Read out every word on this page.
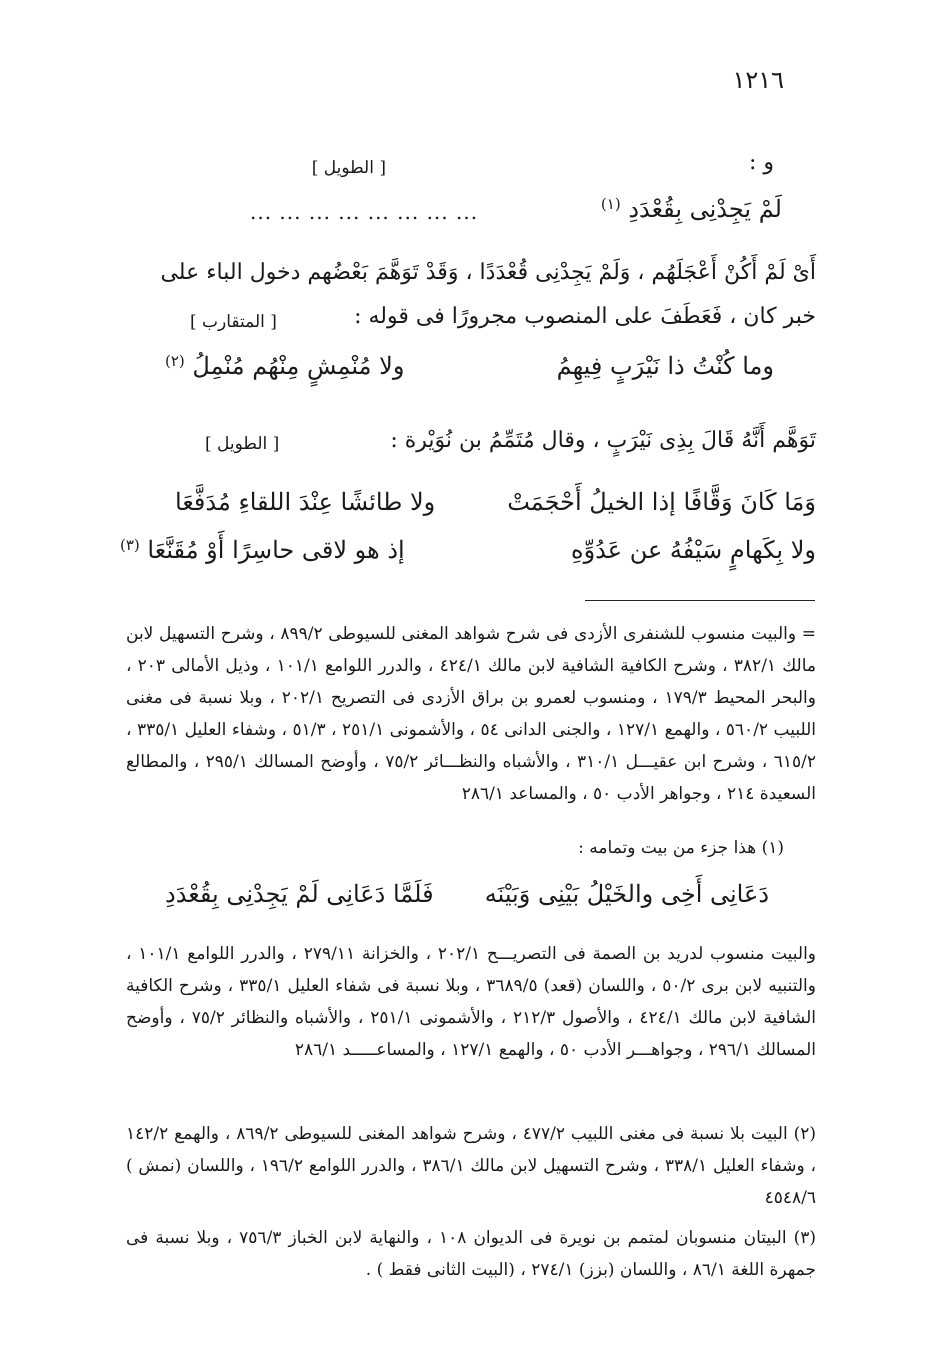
١٢١٦
و :
[ الطويل ]
لَمْ يَجِدْنِى بِقُعْدَدِ $^{(١)}$
... ... ... ... ... ... ... ...
أَىْ لَمْ أَكُنْ أَعْجَلَهُم ، وَلَمْ يَجِدْنِى قُعْدَدًا ، وَقَدْ تَوَهَّمَ بَعْضُهم دخول الباء على
خبر كان ، فَعَطَفَ على المنصوب مجرورًا فى قوله :
[ المتقارب ]
وما كُنْتُ ذا نَيْرَبٍ فِيهِمُ
ولا مُنْمِشٍ مِنْهُم مُنْمِلُ $^{(٢)}$
تَوَهَّم أَنَّهُ قَالَ بِذِى نَيْرَبٍ ، وقال مُتَمِّمُ بن نُوَيْرة :
[ الطويل ]
وَمَا كَانَ وَقَّافًا إذا الخيلُ أَحْجَمَتْ
ولا طائشًا عِنْدَ اللقاءِ مُدَفَّعَا
ولا بِكَهامٍ سَيْفُهُ عن عَدُوِّهِ
إذ هو لاقى حاسِرًا أَوْ مُقَنَّعَا $^{(٣)}$
= والبيت منسوب للشنفرى الأزدى فى شرح شواهد المغنى للسيوطى ٨٩٩/٢ ، وشرح التسهيل لابن مالك ٣٨٢/١ ، وشرح الكافية الشافية لابن مالك ٤٢٤/١ ، والدرر اللوامع ١٠١/١ ، وذيل الأمالى ٢٠٣ ، والبحر المحيط ١٧٩/٣ ، ومنسوب لعمرو بن براق الأزدى فى التصريح ٢٠٢/١ ، وبلا نسبة فى مغنى اللبيب ٥٦٠/٢ ، والهمع ١٢٧/١ ، والجنى الدانى ٥٤ ، والأشمونى ٢٥١/١ ، ٥١/٣ ، وشفاء العليل ٣٣٥/١ ، ٦١٥/٢ ، وشرح ابن عقيـــل ٣١٠/١ ، والأشباه والنظـــائر ٧٥/٢ ، وأوضح المسالك ٢٩٥/١ ، والمطالع السعيدة ٢١٤ ، وجواهر الأدب ٥٠ ، والمساعد ٢٨٦/١
(١) هذا جزء من بيت وتمامه :
دَعَانِى أَخِى والخَيْلُ بَيْنِى وَبَيْنَه
فَلَمَّا دَعَانِى لَمْ يَجِدْنِى بِقُعْدَدِ
والبيت منسوب لدريد بن الصمة فى التصريـــح ٢٠٢/١ ، والخزانة ٢٧٩/١١ ، والدرر اللوامع ١٠١/١ ، والتنبيه لابن برى ٥٠/٢ ، واللسان (قعد) ٣٦٨٩/٥ ، وبلا نسبة فى شفاء العليل ٣٣٥/١ ، وشرح الكافية الشافية لابن مالك ٤٢٤/١ ، والأصول ٢١٢/٣ ، والأشمونى ٢٥١/١ ، والأشباه والنظائر ٧٥/٢ ، وأوضح المسالك ٢٩٦/١ ، وجواهـــر الأدب ٥٠ ، والهمع ١٢٧/١ ، والمساعـــــد ٢٨٦/١
(٢) البيت بلا نسبة فى مغنى اللبيب ٤٧٧/٢ ، وشرح شواهد المغنى للسيوطى ٨٦٩/٢ ، والهمع ١٤٢/٢ ، وشفاء العليل ٣٣٨/١ ، وشرح التسهيل لابن مالك ٣٨٦/١ ، والدرر اللوامع ١٩٦/٢ ، واللسان (نمش ) ٤٥٤٨/٦
(٣) البيتان منسوبان لمتمم بن نويرة فى الديوان ١٠٨ ، والنهاية لابن الخباز ٧٥٦/٣ ، وبلا نسبة فى جمهرة اللغة ٨٦/١ ، واللسان (بزز) ٢٧٤/١ ، (البيت الثانى فقط ) .
